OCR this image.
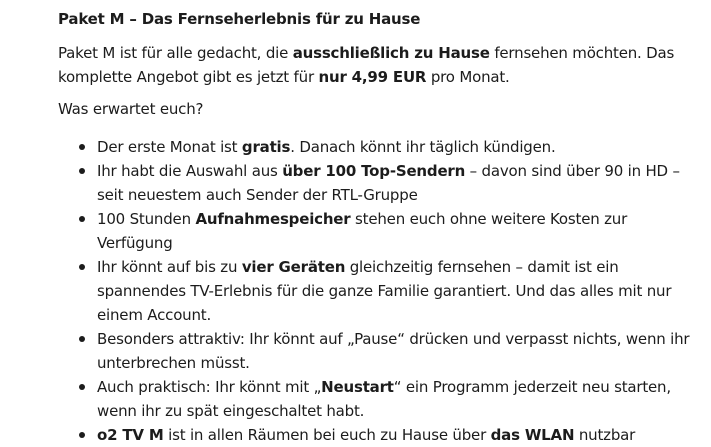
Paket M – Das Fernseherlebnis für zu Hause

Paket M ist für alle gedacht, die ausschließlich zu Hause fernsehen möchten. Das komplette Angebot gibt es jetzt für nur 4,99 EUR pro Monat.

Was erwartet euch?

Der erste Monat ist gratis. Danach könnt ihr täglich kündigen.
Ihr habt die Auswahl aus über 100 Top-Sendern – davon sind über 90 in HD – seit neuestem auch Sender der RTL-Gruppe
100 Stunden Aufnahmespeicher stehen euch ohne weitere Kosten zur Verfügung
Ihr könnt auf bis zu vier Geräten gleichzeitig fernsehen – damit ist ein spannendes TV-Erlebnis für die ganze Familie garantiert. Und das alles mit nur einem Account.
Besonders attraktiv: Ihr könnt auf „Pause“ drücken und verpasst nichts, wenn ihr unterbrechen müsst.
Auch praktisch: Ihr könnt mit „Neustart“ ein Programm jederzeit neu starten, wenn ihr zu spät eingeschaltet habt.
o2 TV M ist in allen Räumen bei euch zu Hause über das WLAN nutzbar
